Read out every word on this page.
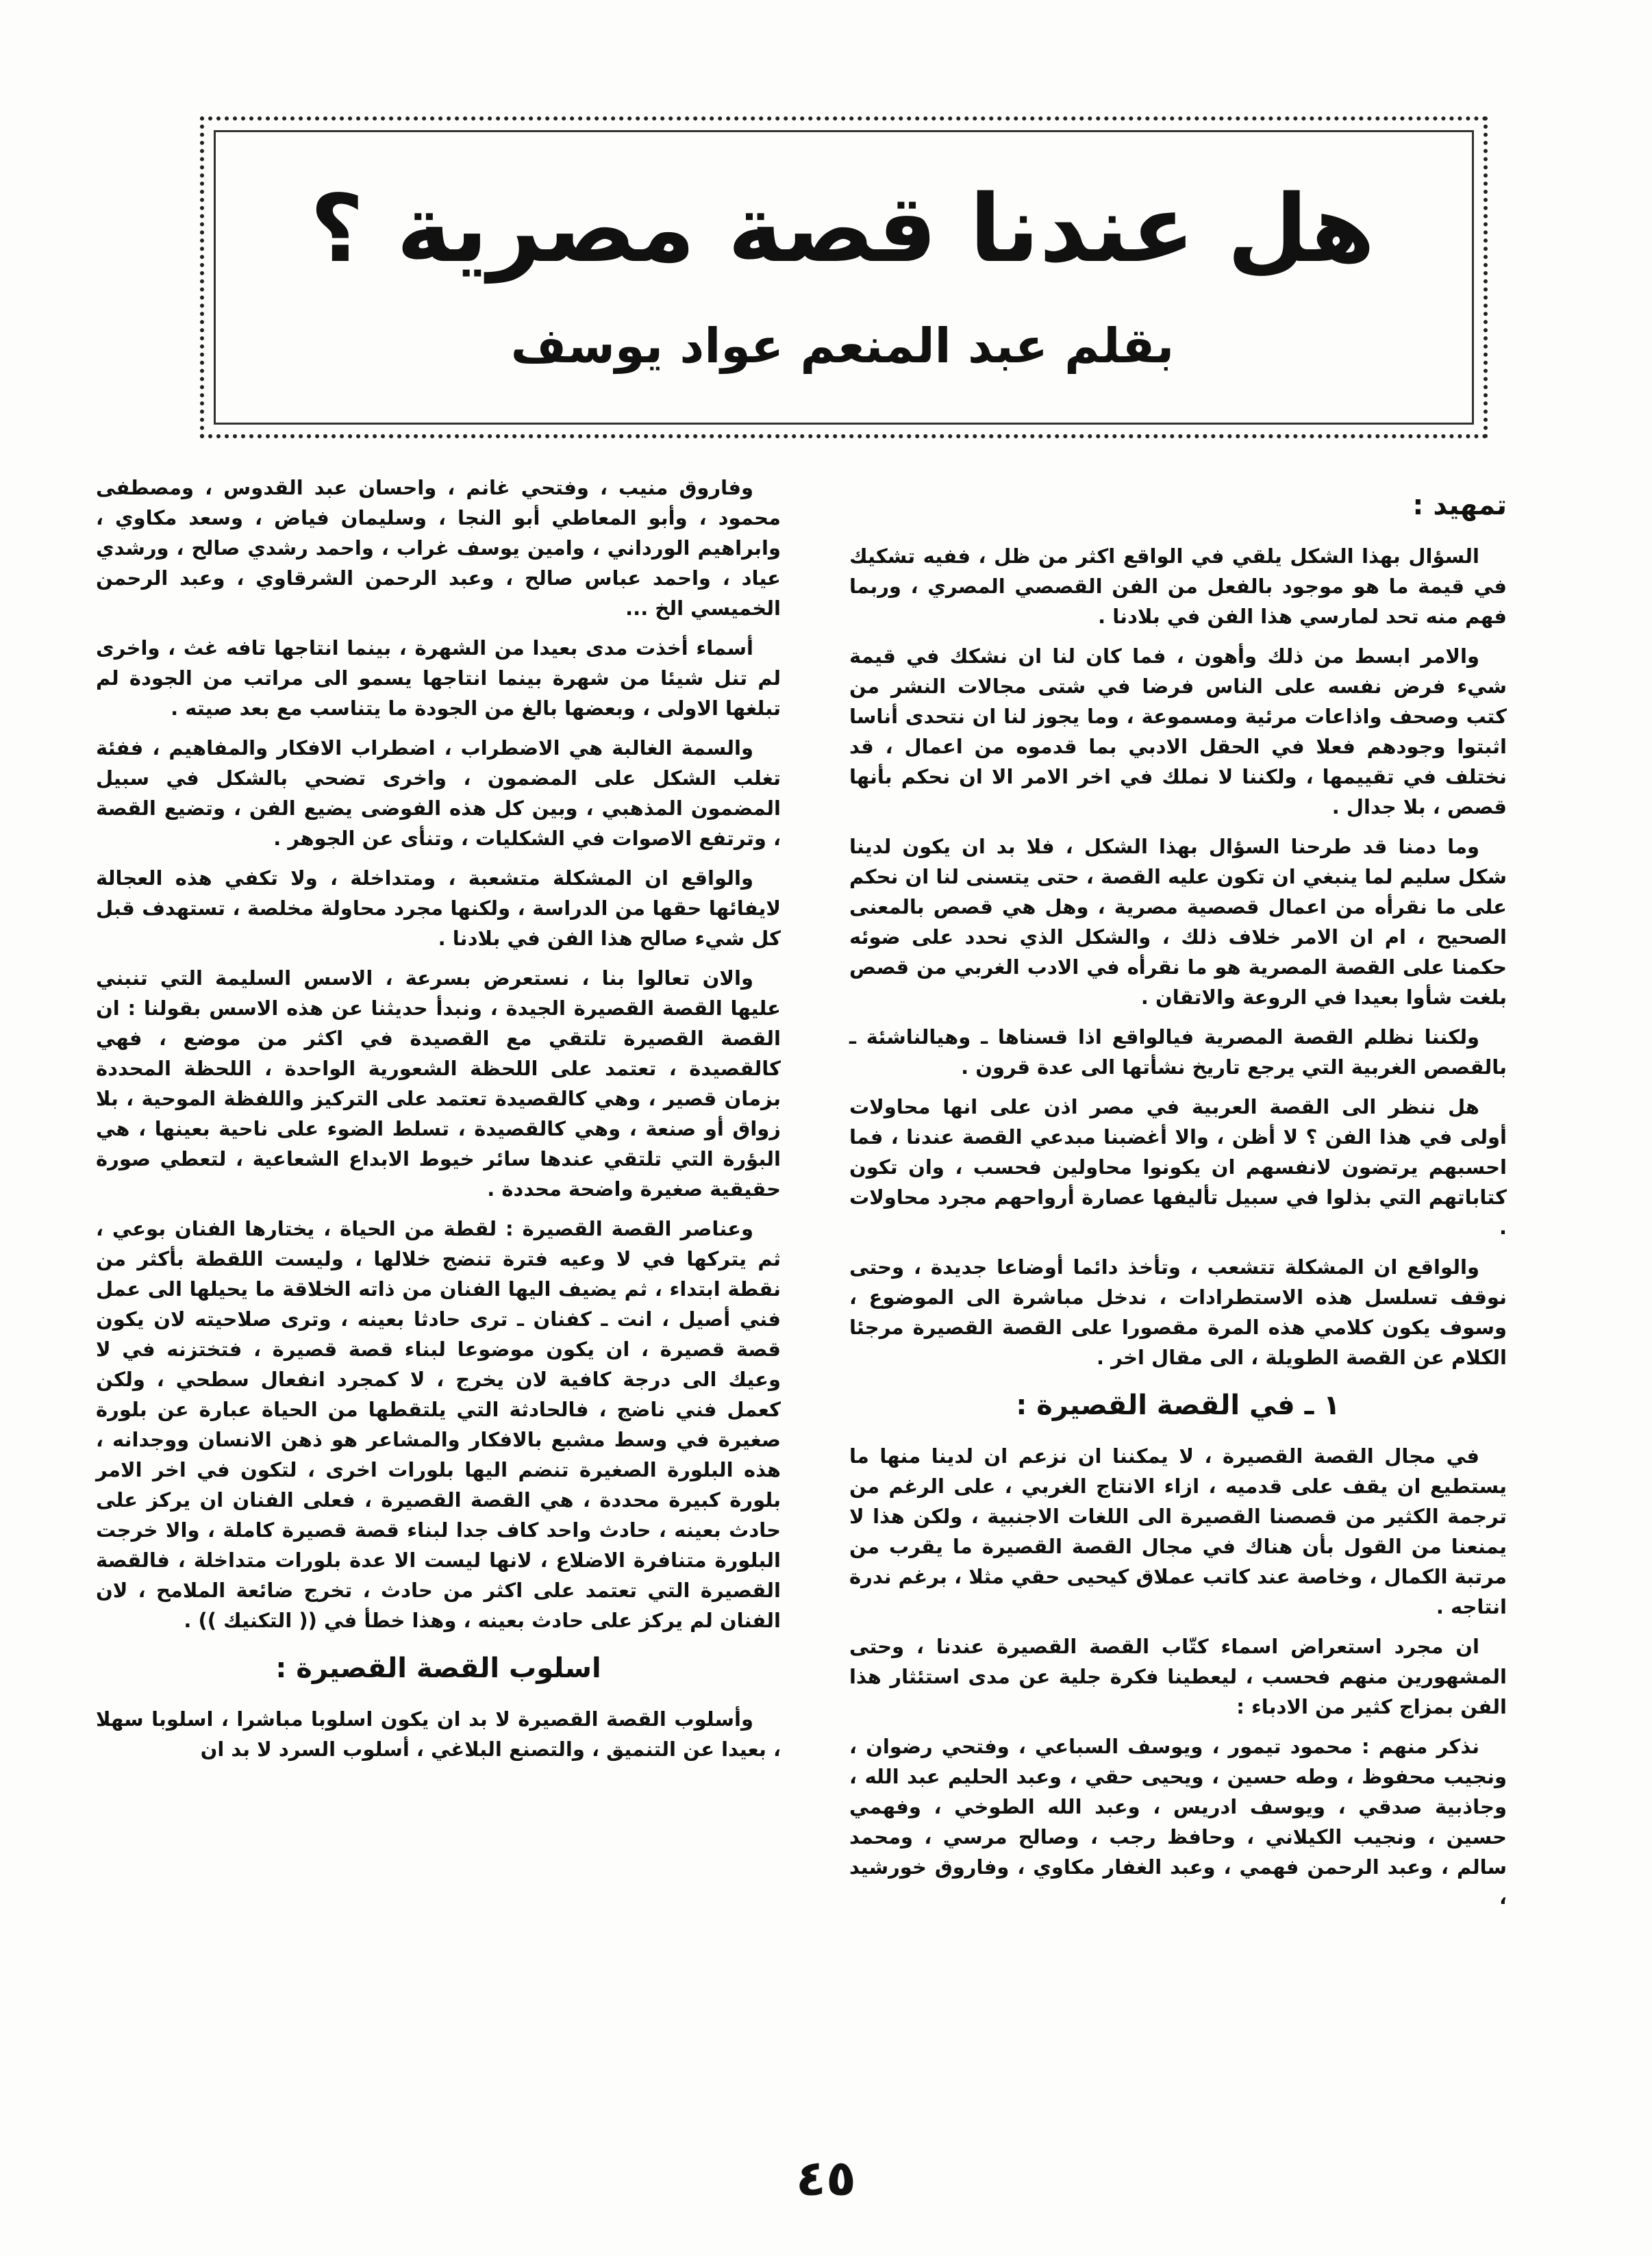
هل عندنا قصة مصرية ؟
بقلم عبد المنعم عواد يوسف
تمهيد :

السؤال بهذا الشكل يلقي في الواقع اكثر من ظل ، ففيه تشكيك في قيمة ما هو موجود بالفعل من الفن القصصي المصري ، وربما فهم منه تحد لمارسي هذا الفن في بلادنا .

والامر ابسط من ذلك وأهون ، فما كان لنا ان نشكك في قيمة شيء فرض نفسه على الناس فرضا في شتى مجالات النشر من كتب وصحف واذاعات مرئية ومسموعة ، وما يجوز لنا ان نتحدى أناسا اثبتوا وجودهم فعلا في الحقل الادبي بما قدموه من اعمال ، قد نختلف في تقييمها ، ولكننا لا نملك في اخر الامر الا ان نحكم بأنها قصص ، بلا جدال .

وما دمنا قد طرحنا السؤال بهذا الشكل ، فلا بد ان يكون لدينا شكل سليم لما ينبغي ان تكون عليه القصة ، حتى يتسنى لنا ان نحكم على ما نقرأه من اعمال قصصية مصرية ، وهل هي قصص بالمعنى الصحيح ، ام ان الامر خلاف ذلك ، والشكل الذي نحدد على ضوئه حكمنا على القصة المصرية هو ما نقرأه في الادب الغربي من قصص بلغت شأوا بعيدا في الروعة والاتقان .

ولكننا نظلم القصة المصرية فيالواقع اذا قسناها ـ وهيالناشئة ـ بالقصص الغربية التي يرجع تاريخ نشأتها الى عدة قرون .

هل ننظر الى القصة العربية في مصر اذن على انها محاولات أولى في هذا الفن ؟ لا أظن ، والا أغضبنا مبدعي القصة عندنا ، فما احسبهم يرتضون لانفسهم ان يكونوا محاولين فحسب ، وان تكون كتاباتهم التي بذلوا في سبيل تأليفها عصارة أرواحهم مجرد محاولات .

والواقع ان المشكلة تتشعب ، وتأخذ دائما أوضاعا جديدة ، وحتى نوقف تسلسل هذه الاستطرادات ، ندخل مباشرة الى الموضوع ، وسوف يكون كلامي هذه المرة مقصورا على القصة القصيرة مرجئا الكلام عن القصة الطويلة ، الى مقال اخر .

١ ـ في القصة القصيرة :

في مجال القصة القصيرة ، لا يمكننا ان نزعم ان لدينا منها ما يستطيع ان يقف على قدميه ، ازاء الانتاج الغربي ، على الرغم من ترجمة الكثير من قصصنا القصيرة الى اللغات الاجنبية ، ولكن هذا لا يمنعنا من القول بأن هناك في مجال القصة القصيرة ما يقرب من مرتبة الكمال ، وخاصة عند كاتب عملاق كيحيى حقي مثلا ، برغم ندرة انتاجه .

ان مجرد استعراض اسماء كتّاب القصة القصيرة عندنا ، وحتى المشهورين منهم فحسب ، ليعطينا فكرة جلية عن مدى استئثار هذا الفن بمزاج كثير من الادباء :

نذكر منهم : محمود تيمور ، ويوسف السباعي ، وفتحي رضوان ، ونجيب محفوظ ، وطه حسين ، ويحيى حقي ، وعبد الحليم عبد الله ، وجاذبية صدقي ، ويوسف ادريس ، وعبد الله الطوخي ، وفهمي حسين ، ونجيب الكيلاني ، وحافظ رجب ، وصالح مرسي ، ومحمد سالم ، وعبد الرحمن فهمي ، وعبد الغفار مكاوي ، وفاروق خورشيد ،

وفاروق منيب ، وفتحي غانم ، واحسان عبد القدوس ، ومصطفى محمود ، وأبو المعاطي أبو النجا ، وسليمان فياض ، وسعد مكاوي ، وابراهيم الورداني ، وامين يوسف غراب ، واحمد رشدي صالح ، ورشدي عياد ، واحمد عباس صالح ، وعبد الرحمن الشرقاوي ، وعبد الرحمن الخميسي الخ ...

أسماء أخذت مدى بعيدا من الشهرة ، بينما انتاجها تافه غث ، واخرى لم تنل شيئا من شهرة بينما انتاجها يسمو الى مراتب من الجودة لم تبلغها الاولى ، وبعضها بالغ من الجودة ما يتناسب مع بعد صيته .

والسمة الغالبة هي الاضطراب ، اضطراب الافكار والمفاهيم ، ففئة تغلب الشكل على المضمون ، واخرى تضحي بالشكل في سبيل المضمون المذهبي ، وبين كل هذه الفوضى يضيع الفن ، وتضيع القصة ، وترتفع الاصوات في الشكليات ، وتنأى عن الجوهر .

والواقع ان المشكلة متشعبة ، ومتداخلة ، ولا تكفي هذه العجالة لايفائها حقها من الدراسة ، ولكنها مجرد محاولة مخلصة ، تستهدف قبل كل شيء صالح هذا الفن في بلادنا .

والان تعالوا بنا ، نستعرض بسرعة ، الاسس السليمة التي تنبني عليها القصة القصيرة الجيدة ، ونبدأ حديثنا عن هذه الاسس بقولنا : ان القصة القصيرة تلتقي مع القصيدة في اكثر من موضع ، فهي كالقصيدة ، تعتمد على اللحظة الشعورية الواحدة ، اللحظة المحددة بزمان قصير ، وهي كالقصيدة تعتمد على التركيز واللفظة الموحية ، بلا زواق أو صنعة ، وهي كالقصيدة ، تسلط الضوء على ناحية بعينها ، هي البؤرة التي تلتقي عندها سائر خيوط الابداع الشعاعية ، لتعطي صورة حقيقية صغيرة واضحة محددة .

وعناصر القصة القصيرة : لقطة من الحياة ، يختارها الفنان بوعي ، ثم يتركها في لا وعيه فترة تنضج خلالها ، وليست اللقطة بأكثر من نقطة ابتداء ، ثم يضيف اليها الفنان من ذاته الخلاقة ما يحيلها الى عمل فني أصيل ، انت ـ كفنان ـ ترى حادثا بعينه ، وترى صلاحيته لان يكون قصة قصيرة ، ان يكون موضوعا لبناء قصة قصيرة ، فتختزنه في لا وعيك الى درجة كافية لان يخرج ، لا كمجرد انفعال سطحي ، ولكن كعمل فني ناضج ، فالحادثة التي يلتقطها من الحياة عبارة عن بلورة صغيرة في وسط مشبع بالافكار والمشاعر هو ذهن الانسان ووجدانه ، هذه البلورة الصغيرة تنضم اليها بلورات اخرى ، لتكون في اخر الامر بلورة كبيرة محددة ، هي القصة القصيرة ، فعلى الفنان ان يركز على حادث بعينه ، حادث واحد كاف جدا لبناء قصة قصيرة كاملة ، والا خرجت البلورة متنافرة الاضلاع ، لانها ليست الا عدة بلورات متداخلة ، فالقصة القصيرة التي تعتمد على اكثر من حادث ، تخرج ضائعة الملامح ، لان الفنان لم يركز على حادث بعينه ، وهذا خطأ في (( التكنيك )) .

اسلوب القصة القصيرة :

وأسلوب القصة القصيرة لا بد ان يكون اسلوبا مباشرا ، اسلوبا سهلا ، بعيدا عن التنميق ، والتصنع البلاغي ، أسلوب السرد لا بد ان

٤٥
